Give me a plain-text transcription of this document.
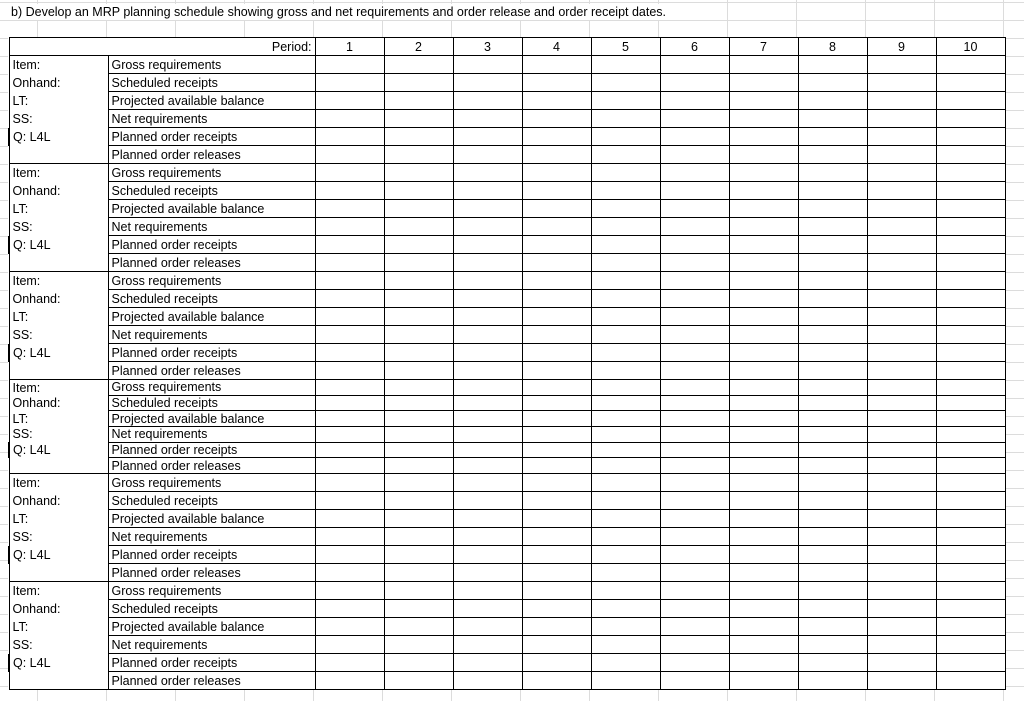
b) Develop an MRP planning schedule showing gross and net requirements and order release and order receipt dates.
	Period:	1	2	3	4	5	6	7	8	9	10
Item:	Gross requirements										
Onhand:	Scheduled receipts										
LT:	Projected available balance										
SS:	Net requirements										
Q: L4L	Planned order receipts										
	Planned order releases										
Item:	Gross requirements										
Onhand:	Scheduled receipts										
LT:	Projected available balance										
SS:	Net requirements										
Q: L4L	Planned order receipts										
	Planned order releases										
Item:	Gross requirements										
Onhand:	Scheduled receipts										
LT:	Projected available balance										
SS:	Net requirements										
Q: L4L	Planned order receipts										
	Planned order releases										
Item:	Gross requirements										
Onhand:	Scheduled receipts										
LT:	Projected available balance										
SS:	Net requirements										
Q: L4L	Planned order receipts										
	Planned order releases										
Item:	Gross requirements										
Onhand:	Scheduled receipts										
LT:	Projected available balance										
SS:	Net requirements										
Q: L4L	Planned order receipts										
	Planned order releases										
Item:	Gross requirements										
Onhand:	Scheduled receipts										
LT:	Projected available balance										
SS:	Net requirements										
Q: L4L	Planned order receipts										
	Planned order releases										
